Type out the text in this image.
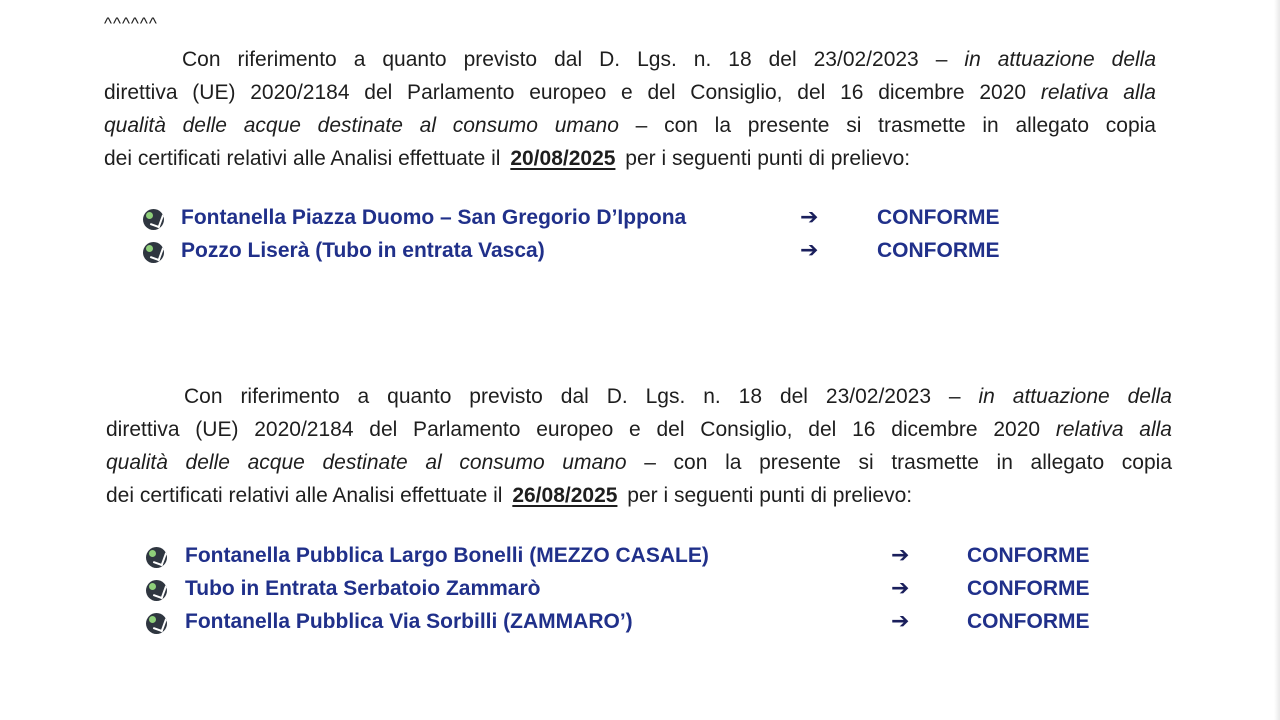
^^^^^^
Con riferimento a quanto previsto dal D. Lgs. n. 18 del 23/02/2023 – in attuazione della
direttiva (UE) 2020/2184 del Parlamento europeo e del Consiglio, del 16 dicembre 2020 relativa alla
qualità delle acque destinate al consumo umano – con la presente si trasmette in allegato copia
dei certificati relativi alle Analisi effettuate il 20/08/2025 per i seguenti punti di prelievo:
Fontanella Piazza Duomo – San Gregorio D’Ippona	➔	CONFORME
Pozzo Liserà (Tubo in entrata Vasca)	➔	CONFORME
Con riferimento a quanto previsto dal D. Lgs. n. 18 del 23/02/2023 – in attuazione della
direttiva (UE) 2020/2184 del Parlamento europeo e del Consiglio, del 16 dicembre 2020 relativa alla
qualità delle acque destinate al consumo umano – con la presente si trasmette in allegato copia
dei certificati relativi alle Analisi effettuate il 26/08/2025 per i seguenti punti di prelievo:
Fontanella Pubblica Largo Bonelli (MEZZO CASALE)	➔	CONFORME
Tubo in Entrata Serbatoio Zammarò	➔	CONFORME
Fontanella Pubblica Via Sorbilli (ZAMMARO’)	➔	CONFORME
